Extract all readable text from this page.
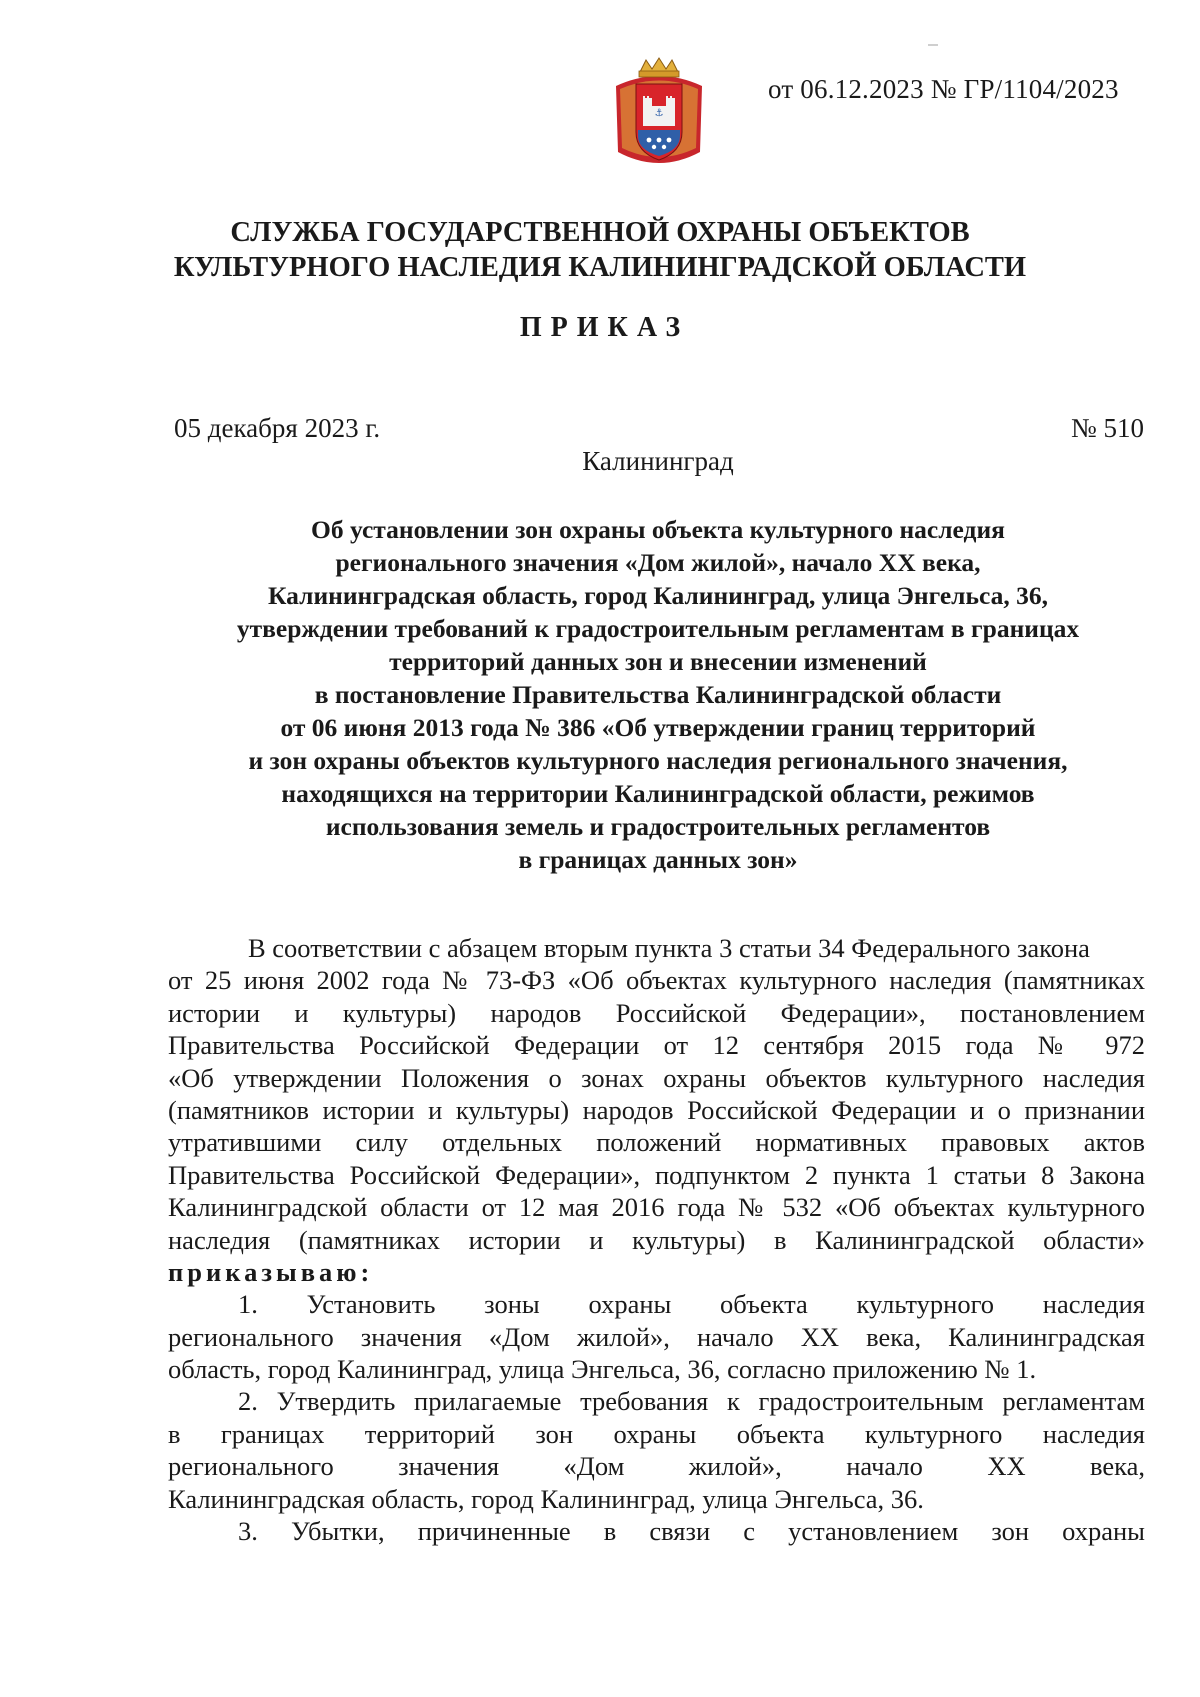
⚓
от 06.12.2023 № ГР/1104/2023
СЛУЖБА ГОСУДАРСТВЕННОЙ ОХРАНЫ ОБЪЕКТОВ
КУЛЬТУРНОГО НАСЛЕДИЯ КАЛИНИНГРАДСКОЙ ОБЛАСТИ
ПРИКАЗ
05 декабря 2023 г.	№ 510
Калининград
Об установлении зон охраны объекта культурного наследия
регионального значения «Дом жилой», начало XX века,
Калининградская область, город Калининград, улица Энгельса, 36,
утверждении требований к градостроительным регламентам в границах
территорий данных зон и внесении изменений
в постановление Правительства Калининградской области
от 06 июня 2013 года № 386 «Об утверждении границ территорий
и зон охраны объектов культурного наследия регионального значения,
находящихся на территории Калининградской области, режимов
использования земель и градостроительных регламентов
в границах данных зон»
В соответствии с абзацем вторым пункта 3 статьи 34 Федерального закона
от 25 июня 2002 года № 73-ФЗ «Об объектах культурного наследия (памятниках
истории и культуры) народов Российской Федерации», постановлением
Правительства Российской Федерации от 12 сентября 2015 года № 972
«Об утверждении Положения о зонах охраны объектов культурного наследия
(памятников истории и культуры) народов Российской Федерации и о признании
утратившими силу отдельных положений нормативных правовых актов
Правительства Российской Федерации», подпунктом 2 пункта 1 статьи 8 Закона
Калининградской области от 12 мая 2016 года № 532 «Об объектах культурного
наследия (памятниках истории и культуры) в Калининградской области»
приказываю:
1. Установить зоны охраны объекта культурного наследия
регионального значения «Дом жилой», начало XX века, Калининградская
область, город Калининград, улица Энгельса, 36, согласно приложению № 1.
2. Утвердить прилагаемые требования к градостроительным регламентам
в границах территорий зон охраны объекта культурного наследия
регионального значения «Дом жилой», начало XX века,
Калининградская область, город Калининград, улица Энгельса, 36.
3. Убытки, причиненные в связи с установлением зон охраны
